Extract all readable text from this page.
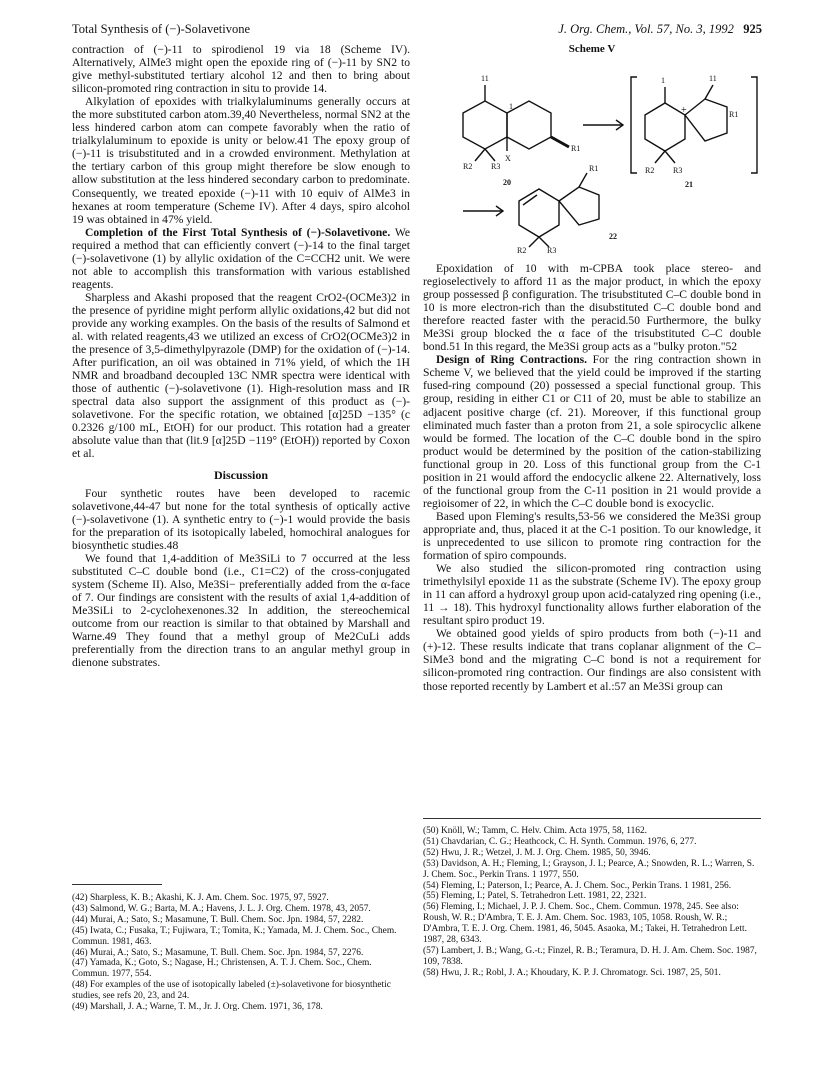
Total Synthesis of (−)-Solavetivone	J. Org. Chem., Vol. 57, No. 3, 1992 925

contraction of (−)-11 to spirodienol 19 via 18 (Scheme IV). Alternatively, AlMe3 might open the epoxide ring of (−)-11 by SN2 to give methyl-substituted tertiary alcohol 12 and then to bring about silicon-promoted ring contraction in situ to provide 14.

Alkylation of epoxides with trialkylaluminums generally occurs at the more substituted carbon atom.39,40 Nevertheless, normal SN2 at the less hindered carbon atom can compete favorably when the ratio of trialkylaluminum to epoxide is unity or below.41 The epoxy group of (−)-11 is trisubstituted and in a crowded environment. Methylation at the tertiary carbon of this group might therefore be slow enough to allow substitution at the less hindered secondary carbon to predominate. Consequently, we treated epoxide (−)-11 with 10 equiv of AlMe3 in hexanes at room temperature (Scheme IV). After 4 days, spiro alcohol 19 was obtained in 47% yield.

Completion of the First Total Synthesis of (−)-Solavetivone. We required a method that can efficiently convert (−)-14 to the final target (−)-solavetivone (1) by allylic oxidation of the C=CCH2 unit. We were not able to accomplish this transformation with various established reagents.

Sharpless and Akashi proposed that the reagent CrO2-(OCMe3)2 in the presence of pyridine might perform allylic oxidations,42 but did not provide any working examples. On the basis of the results of Salmond et al. with related reagents,43 we utilized an excess of CrO2(OCMe3)2 in the presence of 3,5-dimethylpyrazole (DMP) for the oxidation of (−)-14. After purification, an oil was obtained in 71% yield, of which the 1H NMR and broadband decoupled 13C NMR spectra were identical with those of authentic (−)-solavetivone (1). High-resolution mass and IR spectral data also support the assignment of this product as (−)-solavetivone. For the specific rotation, we obtained [α]25D −135° (c 0.2326 g/100 mL, EtOH) for our product. This rotation had a greater absolute value than that (lit.9 [α]25D −119° (EtOH)) reported by Coxon et al.

Discussion

Four synthetic routes have been developed to racemic solavetivone,44-47 but none for the total synthesis of optically active (−)-solavetivone (1). A synthetic entry to (−)-1 would provide the basis for the preparation of its isotopically labeled, homochiral analogues for biosynthetic studies.48

We found that 1,4-addition of Me3SiLi to 7 occurred at the less substituted C–C double bond (i.e., C1=C2) of the cross-conjugated system (Scheme II). Also, Me3Si− preferentially added from the α-face of 7. Our findings are consistent with the results of axial 1,4-addition of Me3SiLi to 2-cyclohexenones.32 In addition, the stereochemical outcome from our reaction is similar to that obtained by Marshall and Warne.49 They found that a methyl group of Me2CuLi adds preferentially from the direction trans to an angular methyl group in dienone substrates.

(42) Sharpless, K. B.; Akashi, K. J. Am. Chem. Soc. 1975, 97, 5927.
(43) Salmond, W. G.; Barta, M. A.; Havens, J. L. J. Org. Chem. 1978, 43, 2057.
(44) Murai, A.; Sato, S.; Masamune, T. Bull. Chem. Soc. Jpn. 1984, 57, 2282.
(45) Iwata, C.; Fusaka, T.; Fujiwara, T.; Tomita, K.; Yamada, M. J. Chem. Soc., Chem. Commun. 1981, 463.
(46) Murai, A.; Sato, S.; Masamune, T. Bull. Chem. Soc. Jpn. 1984, 57, 2276.
(47) Yamada, K.; Goto, S.; Nagase, H.; Christensen, A. T. J. Chem. Soc., Chem. Commun. 1977, 554.
(48) For examples of the use of isotopically labeled (±)-solavetivone for biosynthetic studies, see refs 20, 23, and 24.
(49) Marshall, J. A.; Warne, T. M., Jr. J. Org. Chem. 1971, 36, 178.
Scheme V
11
1
R1
R2 R3
X
20
1	11
R1
R2 R3
21
R1
R2	R3
22
+

Epoxidation of 10 with m-CPBA took place stereo- and regioselectively to afford 11 as the major product, in which the epoxy group possessed β configuration. The trisubstituted C–C double bond in 10 is more electron-rich than the disubstituted C–C double bond and therefore reacted faster with the peracid.50 Furthermore, the bulky Me3Si group blocked the α face of the trisubstituted C–C double bond.51 In this regard, the Me3Si group acts as a "bulky proton."52

Design of Ring Contractions. For the ring contraction shown in Scheme V, we believed that the yield could be improved if the starting fused-ring compound (20) possessed a special functional group. This group, residing in either C1 or C11 of 20, must be able to stabilize an adjacent positive charge (cf. 21). Moreover, if this functional group eliminated much faster than a proton from 21, a sole spirocyclic alkene would be formed. The location of the C–C double bond in the spiro product would be determined by the position of the cation-stabilizing functional group in 20. Loss of this functional group from the C-1 position in 21 would afford the endocyclic alkene 22. Alternatively, loss of the functional group from the C-11 position in 21 would provide a regioisomer of 22, in which the C–C double bond is exocyclic.

Based upon Fleming's results,53-56 we considered the Me3Si group appropriate and, thus, placed it at the C-1 position. To our knowledge, it is unprecedented to use silicon to promote ring contraction for the formation of spiro compounds.

We also studied the silicon-promoted ring contraction using trimethylsilyl epoxide 11 as the substrate (Scheme IV). The epoxy group in 11 can afford a hydroxyl group upon acid-catalyzed ring opening (i.e., 11 → 18). This hydroxyl functionality allows further elaboration of the resultant spiro product 19.

We obtained good yields of spiro products from both (−)-11 and (+)-12. These results indicate that trans coplanar alignment of the C–SiMe3 bond and the migrating C–C bond is not a requirement for silicon-promoted ring contraction. Our findings are also consistent with those reported recently by Lambert et al.:57 an Me3Si group can

(50) Knöll, W.; Tamm, C. Helv. Chim. Acta 1975, 58, 1162.
(51) Chavdarian, C. G.; Heathcock, C. H. Synth. Commun. 1976, 6, 277.
(52) Hwu, J. R.; Wetzel, J. M. J. Org. Chem. 1985, 50, 3946.
(53) Davidson, A. H.; Fleming, I.; Grayson, J. I.; Pearce, A.; Snowden, R. L.; Warren, S. J. Chem. Soc., Perkin Trans. 1 1977, 550.
(54) Fleming, I.; Paterson, I.; Pearce, A. J. Chem. Soc., Perkin Trans. 1 1981, 256.
(55) Fleming, I.; Patel, S. Tetrahedron Lett. 1981, 22, 2321.
(56) Fleming, I.; Michael, J. P. J. Chem. Soc., Chem. Commun. 1978, 245. See also: Roush, W. R.; D'Ambra, T. E. J. Am. Chem. Soc. 1983, 105, 1058. Roush, W. R.; D'Ambra, T. E. J. Org. Chem. 1981, 46, 5045. Asaoka, M.; Takei, H. Tetrahedron Lett. 1987, 28, 6343.
(57) Lambert, J. B.; Wang, G.-t.; Finzel, R. B.; Teramura, D. H. J. Am. Chem. Soc. 1987, 109, 7838.
(58) Hwu, J. R.; Robl, J. A.; Khoudary, K. P. J. Chromatogr. Sci. 1987, 25, 501.
